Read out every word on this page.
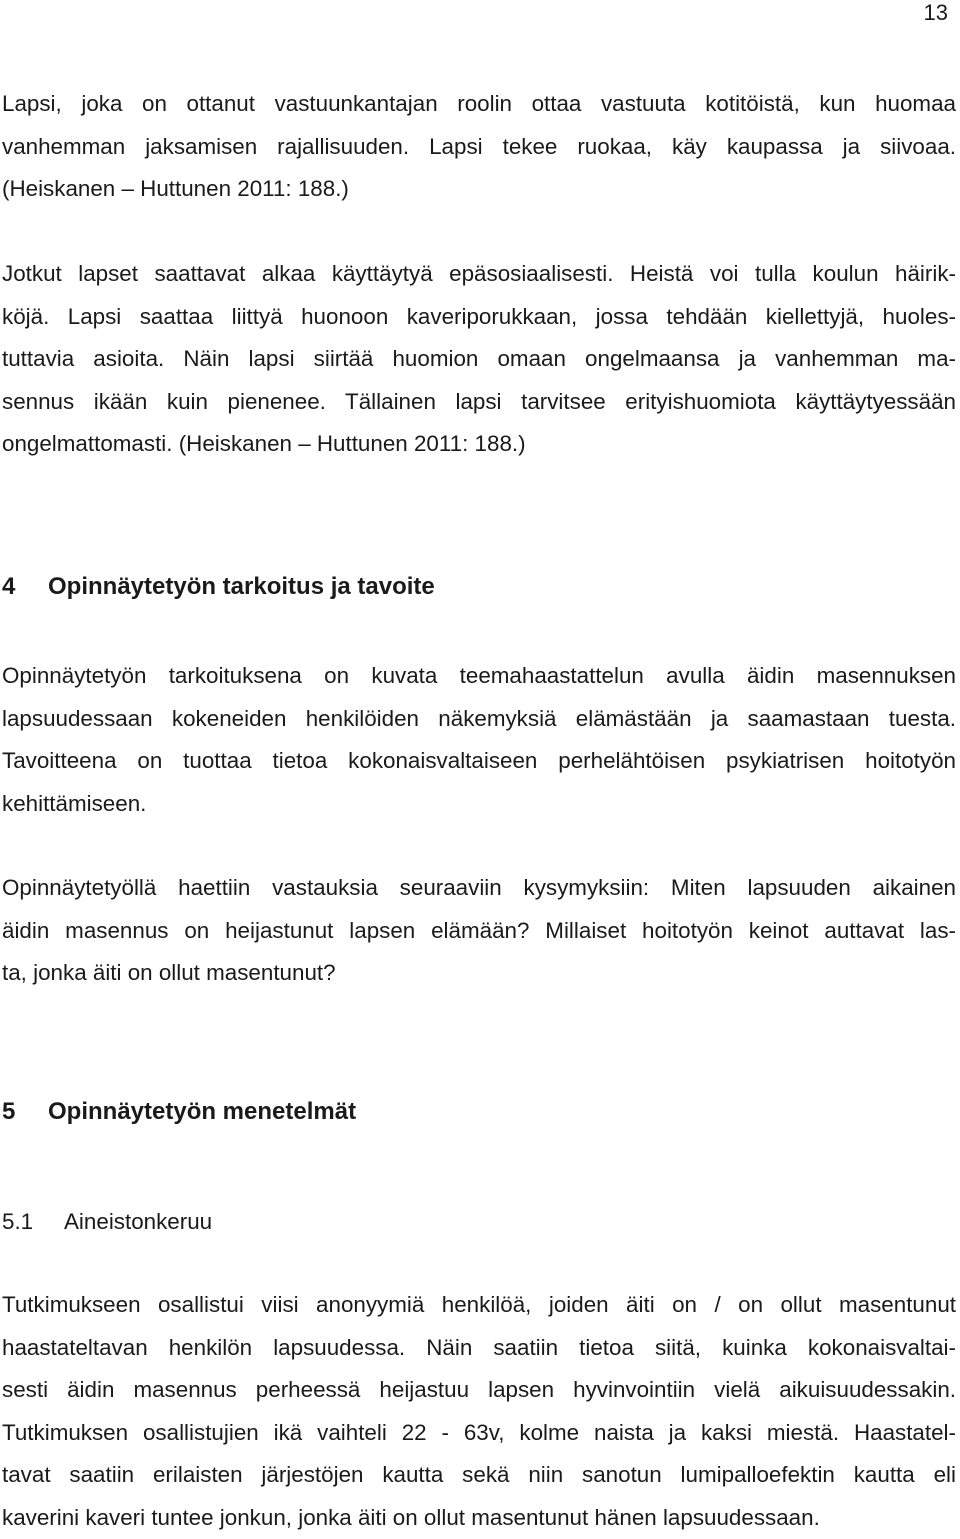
13
Lapsi, joka on ottanut vastuunkantajan roolin ottaa vastuuta kotitöistä, kun huomaa
vanhemman jaksamisen rajallisuuden. Lapsi tekee ruokaa, käy kaupassa ja siivoaa.
(Heiskanen – Huttunen 2011: 188.)
Jotkut lapset saattavat alkaa käyttäytyä epäsosiaalisesti. Heistä voi tulla koulun häirik-
köjä. Lapsi saattaa liittyä huonoon kaveriporukkaan, jossa tehdään kiellettyjä, huoles-
tuttavia asioita. Näin lapsi siirtää huomion omaan ongelmaansa ja vanhemman ma-
sennus ikään kuin pienenee. Tällainen lapsi tarvitsee erityishuomiota käyttäytyessään
ongelmattomasti. (Heiskanen – Huttunen 2011: 188.)
4 Opinnäytetyön tarkoitus ja tavoite
Opinnäytetyön tarkoituksena on kuvata teemahaastattelun avulla äidin masennuksen
lapsuudessaan kokeneiden henkilöiden näkemyksiä elämästään ja saamastaan tuesta.
Tavoitteena on tuottaa tietoa kokonaisvaltaiseen perhelähtöisen psykiatrisen hoitotyön
kehittämiseen.
Opinnäytetyöllä haettiin vastauksia seuraaviin kysymyksiin: Miten lapsuuden aikainen
äidin masennus on heijastunut lapsen elämään? Millaiset hoitotyön keinot auttavat las-
ta, jonka äiti on ollut masentunut?
5 Opinnäytetyön menetelmät
5.1 Aineistonkeruu
Tutkimukseen osallistui viisi anonyymiä henkilöä, joiden äiti on / on ollut masentunut
haastateltavan henkilön lapsuudessa. Näin saatiin tietoa siitä, kuinka kokonaisvaltai-
sesti äidin masennus perheessä heijastuu lapsen hyvinvointiin vielä aikuisuudessakin.
Tutkimuksen osallistujien ikä vaihteli 22 - 63v, kolme naista ja kaksi miestä. Haastatel-
tavat saatiin erilaisten järjestöjen kautta sekä niin sanotun lumipalloefektin kautta eli
kaverini kaveri tuntee jonkun, jonka äiti on ollut masentunut hänen lapsuudessaan.
